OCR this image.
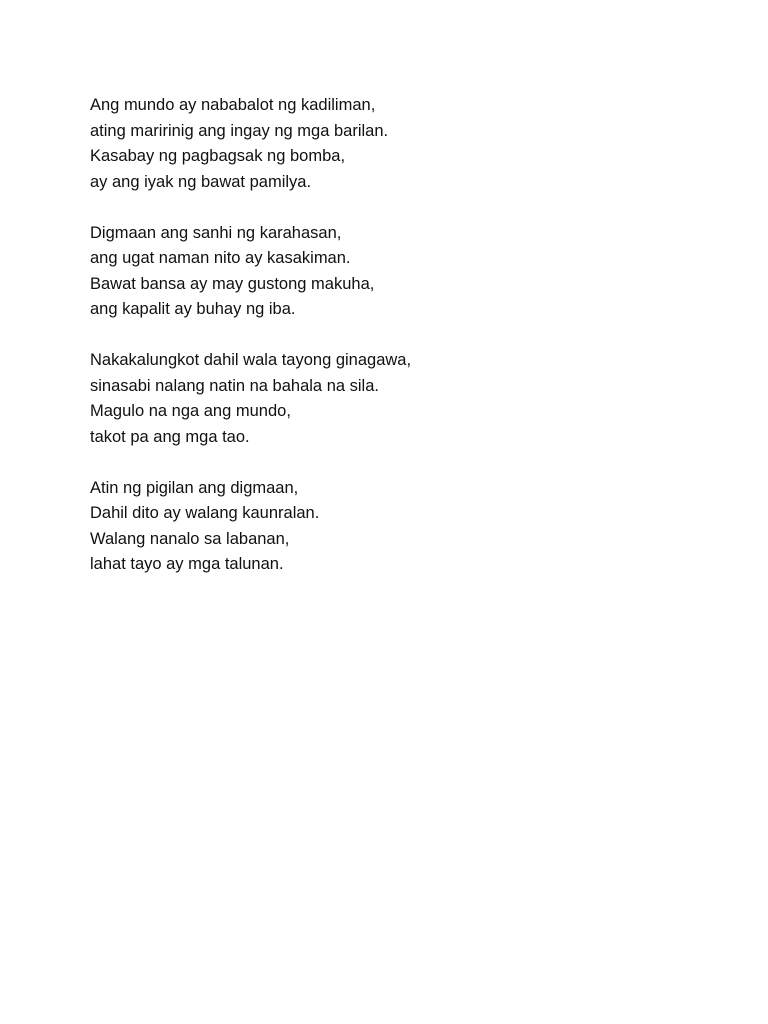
Ang mundo ay nababalot ng kadiliman,
ating maririnig ang ingay ng mga barilan.
Kasabay ng pagbagsak ng bomba,
ay ang iyak ng bawat pamilya.
Digmaan ang sanhi ng karahasan,
ang ugat naman nito ay kasakiman.
Bawat bansa ay may gustong makuha,
ang kapalit ay buhay ng iba.
Nakakalungkot dahil wala tayong ginagawa,
sinasabi nalang natin na bahala na sila.
Magulo na nga ang mundo,
takot pa ang mga tao.
Atin ng pigilan ang digmaan,
Dahil dito ay walang kaunralan.
Walang nanalo sa labanan,
lahat tayo ay mga talunan.
